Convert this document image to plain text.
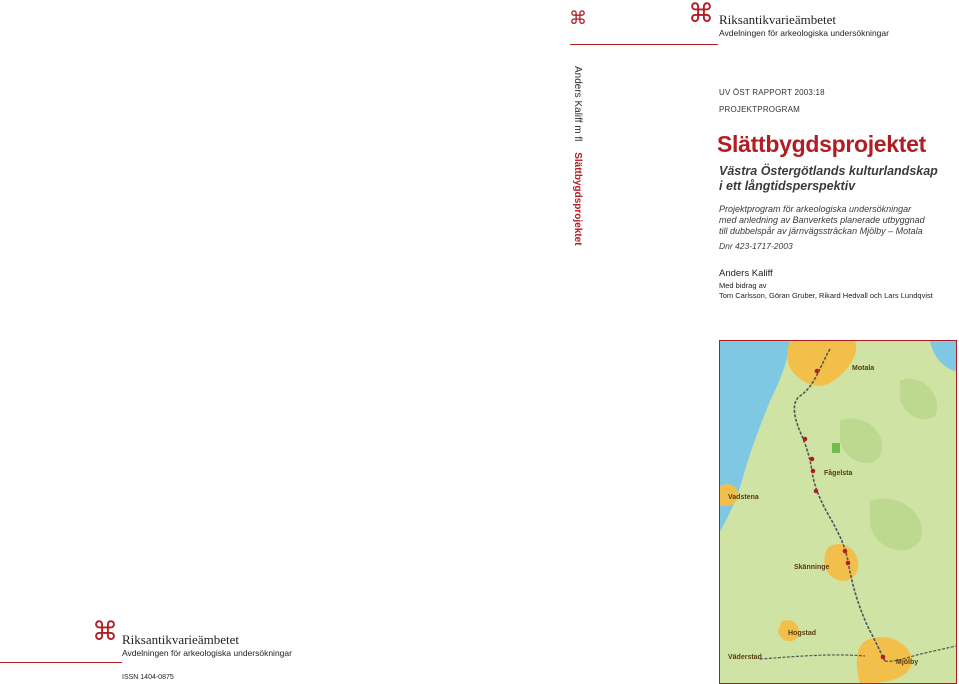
⌘
Anders Kaliff m fl Slättbygdsprojektet
⌘ Riksantikvarieämbetet
Avdelningen för arkeologiska undersökningar
UV ÖST RAPPORT 2003:18
PROJEKTPROGRAM
Slättbygdsprojektet
Västra Östergötlands kulturlandskap
i ett långtidsperspektiv
Projektprogram för arkeologiska undersökningar
med anledning av Banverkets planerade utbyggnad
till dubbelspår av järnvägssträckan Mjölby – Motala
Dnr 423-1717-2003
Anders Kaliff
Med bidrag av
Tom Carlsson, Göran Gruber, Rikard Hedvall och Lars Lundqvist
Motala
Fågelsta
Vadstena
Skänninge
Hogstad
Väderstad
Mjölby
⌘ Riksantikvarieämbetet
Avdelningen för arkeologiska undersökningar
ISSN 1404-0875
